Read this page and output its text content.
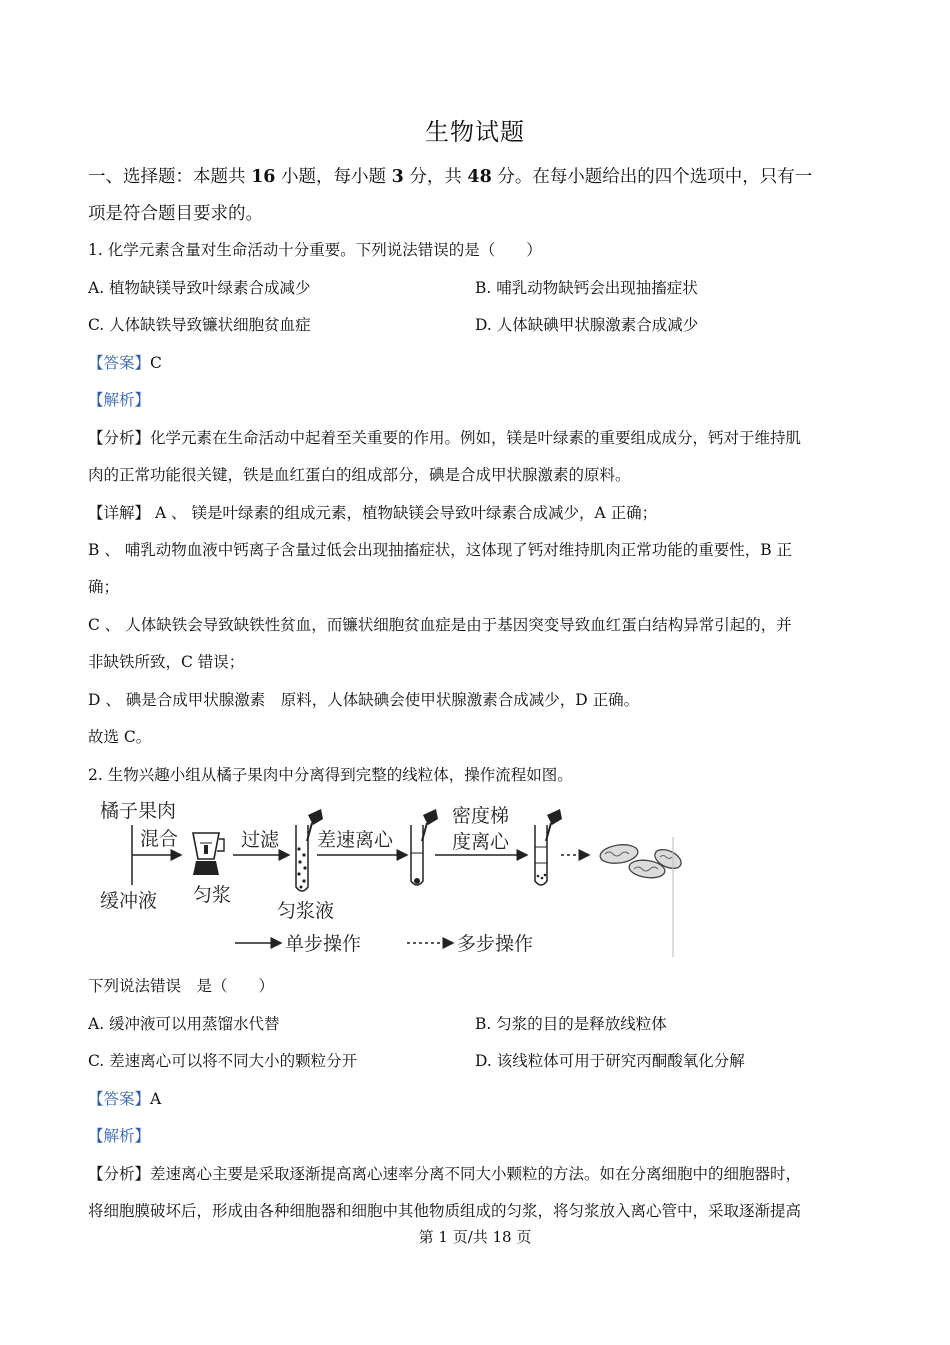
生物试题
一、选择题：本题共 16 小题，每小题 3 分，共 48 分。在每小题给出的四个选项中，只有一
项是符合题目要求的。
1. 化学元素含量对生命活动十分重要。下列说法错误的是（　　）
A. 植物缺镁导致叶绿素合成减少	B. 哺乳动物缺钙会出现抽搐症状
C. 人体缺铁导致镰状细胞贫血症	D. 人体缺碘甲状腺激素合成减少
【答案】C
【解析】
【分析】化学元素在生命活动中起着至关重要的作用。例如，镁是叶绿素的重要组成成分，钙对于维持肌
肉的正常功能很关键，铁是血红蛋白的组成部分，碘是合成甲状腺激素的原料。
【详解】 A 、 镁是叶绿素的组成元素，植物缺镁会导致叶绿素合成减少，A 正确；
B 、 哺乳动物血液中钙离子含量过低会出现抽搐症状，这体现了钙对维持肌肉正常功能的重要性，B 正
确；
C 、 人体缺铁会导致缺铁性贫血，而镰状细胞贫血症是由于基因突变导致血红蛋白结构异常引起的，并
非缺铁所致，C 错误；
D 、 碘是合成甲状腺激素　原料，人体缺碘会使甲状腺激素合成减少，D 正确。
故选 C。
2. 生物兴趣小组从橘子果肉中分离得到完整的线粒体，操作流程如图。
橘子果肉
混合
缓冲液 匀浆
过滤
匀浆液
差速离心
密度梯
度离心
单步操作	多步操作
下列说法错误　是（　　）
A. 缓冲液可以用蒸馏水代替	B. 匀浆的目的是释放线粒体
C. 差速离心可以将不同大小的颗粒分开	D. 该线粒体可用于研究丙酮酸氧化分解
【答案】A
【解析】
【分析】差速离心主要是采取逐渐提高离心速率分离不同大小颗粒的方法。如在分离细胞中的细胞器时，
将细胞膜破坏后，形成由各种细胞器和细胞中其他物质组成的匀浆，将匀浆放入离心管中，采取逐渐提高
第 1 页/共 18 页
